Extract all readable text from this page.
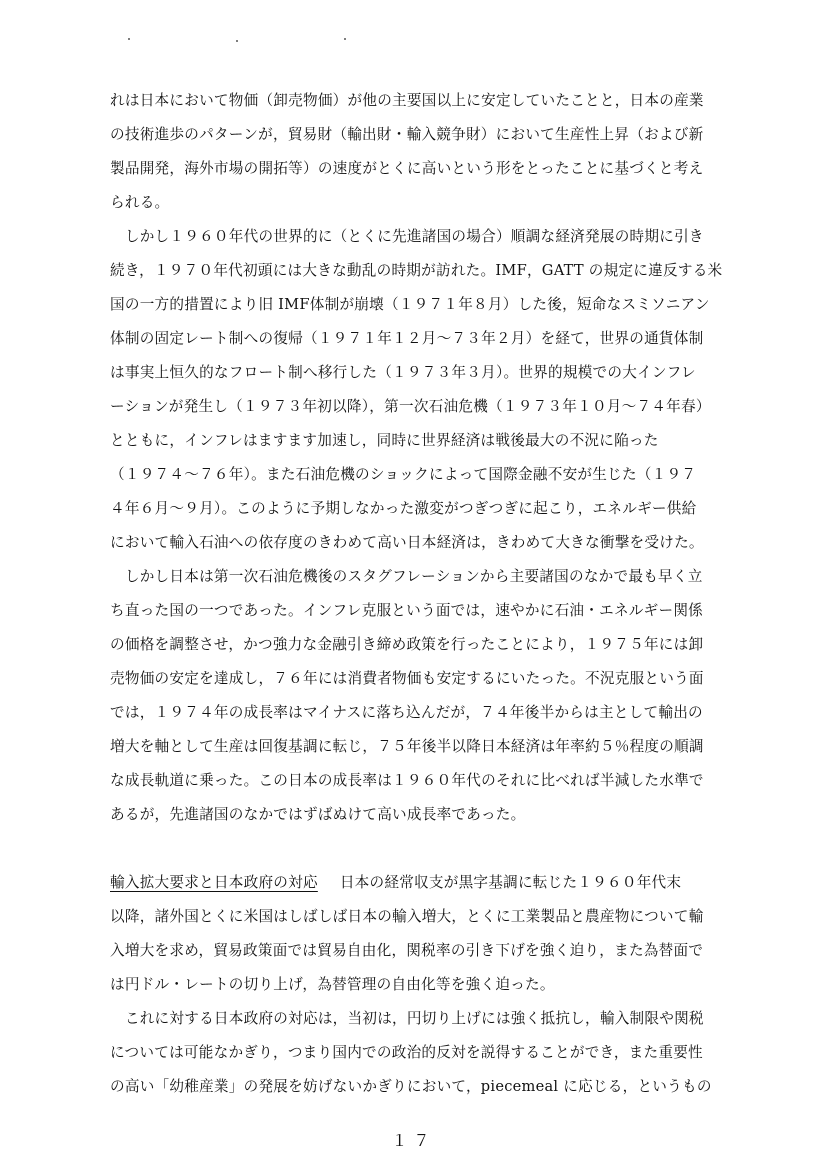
れは日本において物価（卸売物価）が他の主要国以上に安定していたことと，日本の産業
の技術進歩のパターンが，貿易財（輸出財・輸入競争財）において生産性上昇（および新
製品開発，海外市場の開拓等）の速度がとくに高いという形をとったことに基づくと考え
られる。
　しかし１９６０年代の世界的に（とくに先進諸国の場合）順調な経済発展の時期に引き
続き，１９７０年代初頭には大きな動乱の時期が訪れた。IMF，GATT の規定に違反する米
国の一方的措置により旧 IMF体制が崩壊（１９７１年８月）した後，短命なスミソニアン
体制の固定レート制への復帰（１９７１年１２月～７３年２月）を経て，世界の通貨体制
は事実上恒久的なフロート制へ移行した（１９７３年３月）。世界的規模での大インフレ
ーションが発生し（１９７３年初以降），第一次石油危機（１９７３年１０月～７４年春）
とともに，インフレはますます加速し，同時に世界経済は戦後最大の不況に陥った
（１９７４～７６年）。また石油危機のショックによって国際金融不安が生じた（１９７
４年６月～９月）。このように予期しなかった激変がつぎつぎに起こり，エネルギー供給
において輸入石油への依存度のきわめて高い日本経済は，きわめて大きな衝撃を受けた。
　しかし日本は第一次石油危機後のスタグフレーションから主要諸国のなかで最も早く立
ち直った国の一つであった。インフレ克服という面では，速やかに石油・エネルギー関係
の価格を調整させ，かつ強力な金融引き締め政策を行ったことにより，１９７５年には卸
売物価の安定を達成し，７６年には消費者物価も安定するにいたった。不況克服という面
では，１９７４年の成長率はマイナスに落ち込んだが，７４年後半からは主として輸出の
増大を軸として生産は回復基調に転じ，７５年後半以降日本経済は年率約５％程度の順調
な成長軌道に乗った。この日本の成長率は１９６０年代のそれに比べれば半減した水準で
あるが，先進諸国のなかではずばぬけて高い成長率であった。
輸入拡大要求と日本政府の対応 日本の経常収支が黒字基調に転じた１９６０年代末
以降，諸外国とくに米国はしばしば日本の輸入増大，とくに工業製品と農産物について輸
入増大を求め，貿易政策面では貿易自由化，関税率の引き下げを強く迫り，また為替面で
は円ドル・レートの切り上げ，為替管理の自由化等を強く迫った。
　これに対する日本政府の対応は，当初は，円切り上げには強く抵抗し，輸入制限や関税
については可能なかぎり，つまり国内での政治的反対を説得することができ，また重要性
の高い「幼稚産業」の発展を妨げないかぎりにおいて，piecemeal に応じる，というもの
１７
